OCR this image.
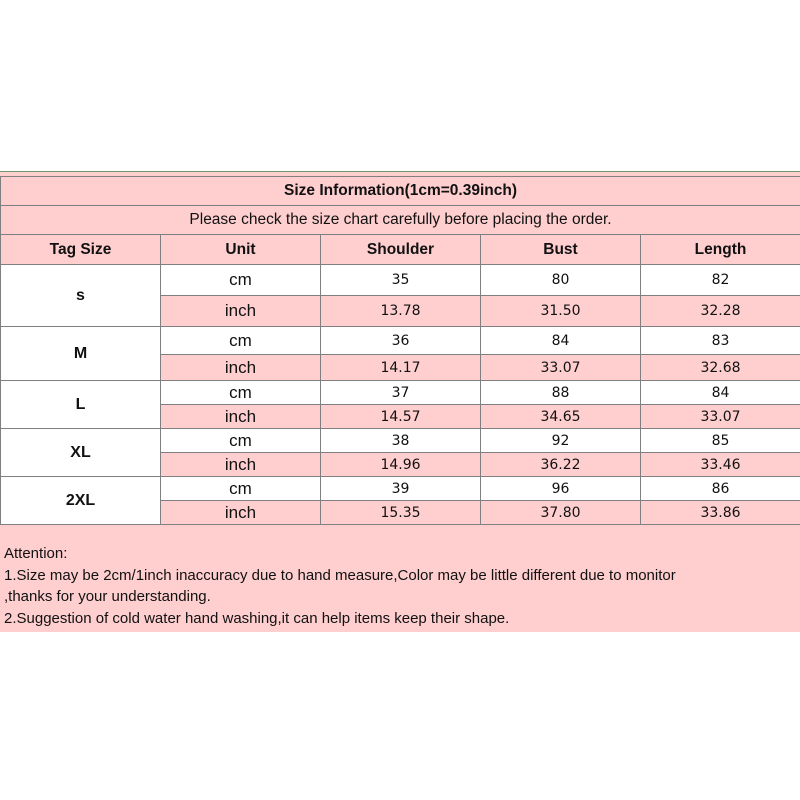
Size Information(1cm=0.39inch)				
Please check the size chart carefully before placing the order.				
Tag Size	Unit	Shoulder	Bust	Length
s	cm	35	80	82
	inch	13.78	31.50	32.28
M	cm	36	84	83
	inch	14.17	33.07	32.68
L	cm	37	88	84
	inch	14.57	34.65	33.07
XL	cm	38	92	85
	inch	14.96	36.22	33.46
2XL	cm	39	96	86
	inch	15.35	37.80	33.86
Attention:
1.Size may be 2cm/1inch inaccuracy due to hand measure,Color may be little different due to monitor
,thanks for your understanding.
2.Suggestion of cold water hand washing,it can help items keep their shape.
